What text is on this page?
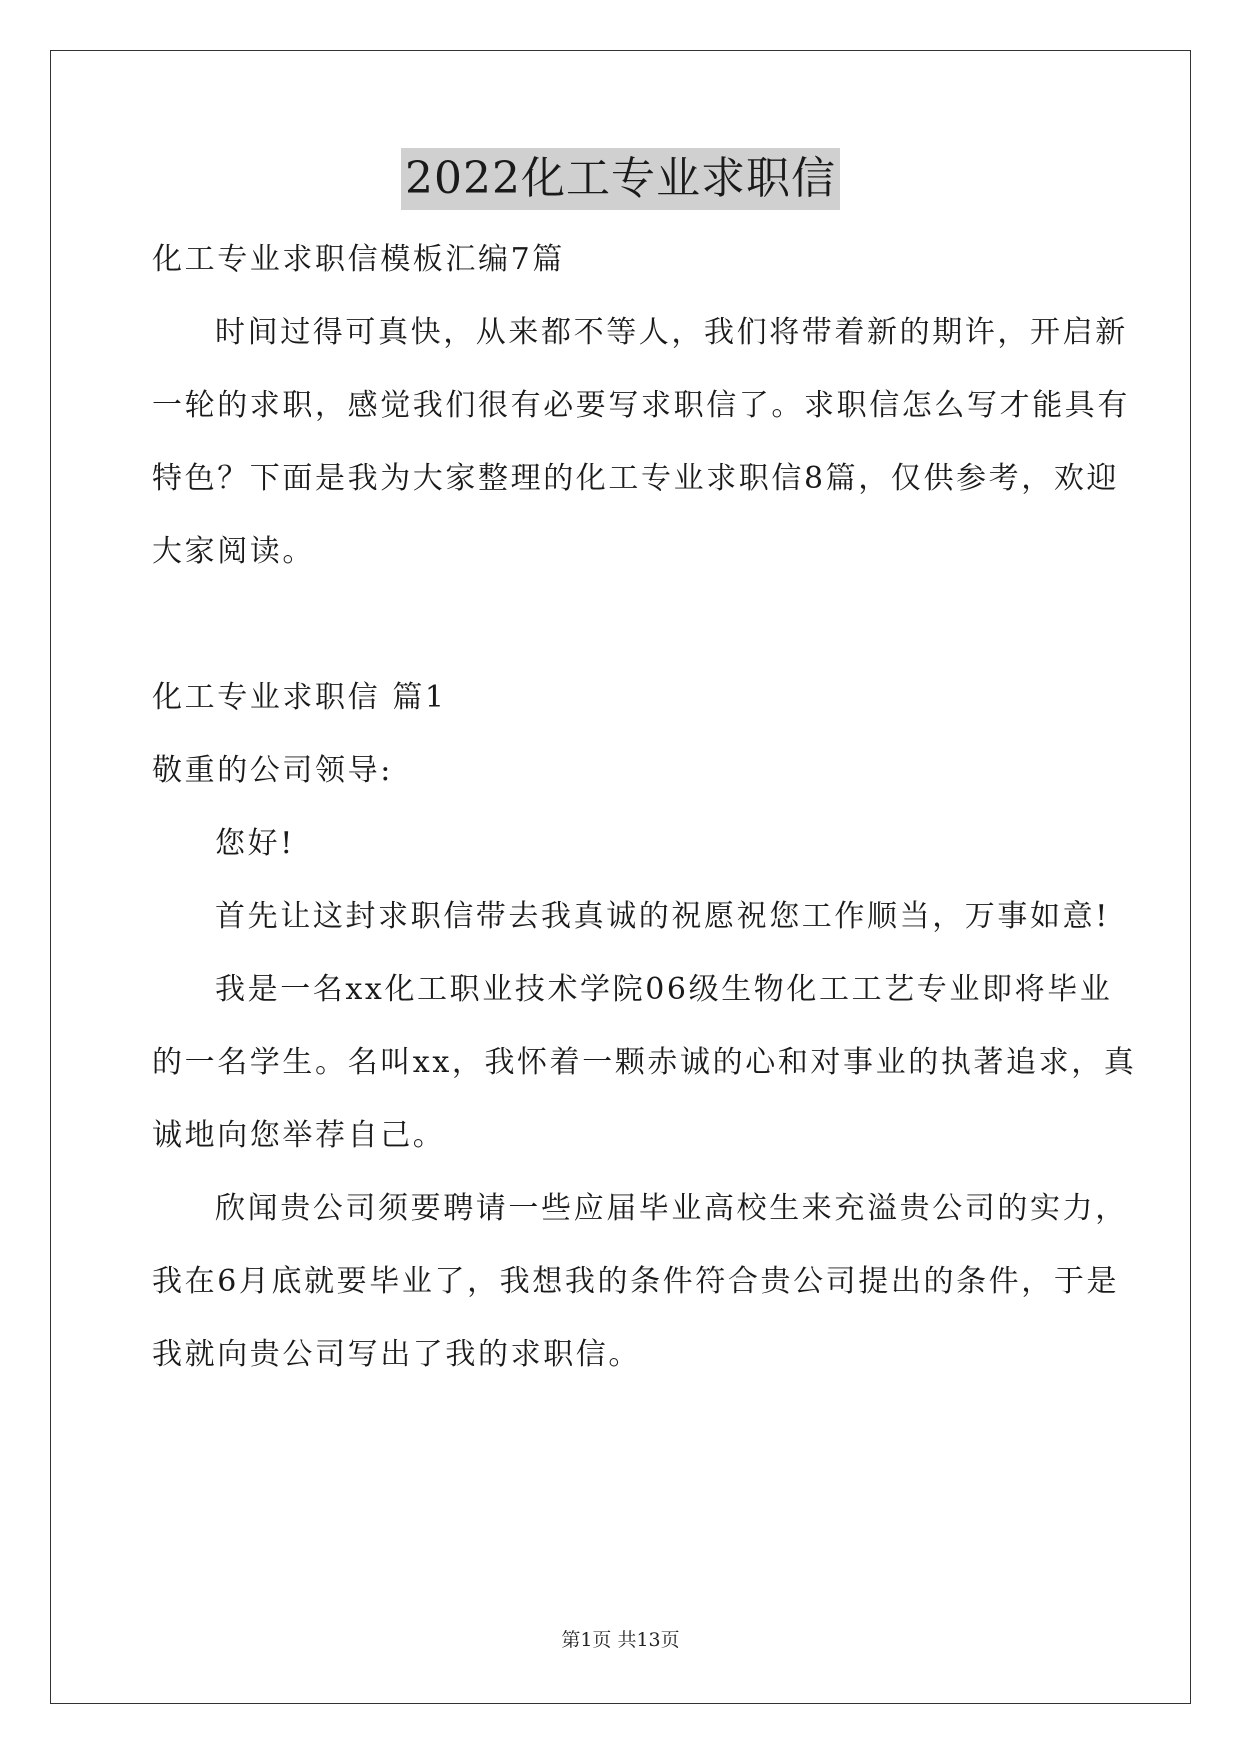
2022化工专业求职信
化工专业求职信模板汇编7篇
时间过得可真快，从来都不等人，我们将带着新的期许，开启新
一轮的求职，感觉我们很有必要写求职信了。求职信怎么写才能具有
特色？下面是我为大家整理的化工专业求职信8篇，仅供参考，欢迎
大家阅读。
化工专业求职信 篇1
敬重的公司领导:
您好!
首先让这封求职信带去我真诚的祝愿祝您工作顺当，万事如意!
我是一名xx化工职业技术学院06级生物化工工艺专业即将毕业
的一名学生。名叫xx，我怀着一颗赤诚的心和对事业的执著追求，真
诚地向您举荐自己。
欣闻贵公司须要聘请一些应届毕业高校生来充溢贵公司的实力，
我在6月底就要毕业了，我想我的条件符合贵公司提出的条件，于是
我就向贵公司写出了我的求职信。
第1页 共13页
